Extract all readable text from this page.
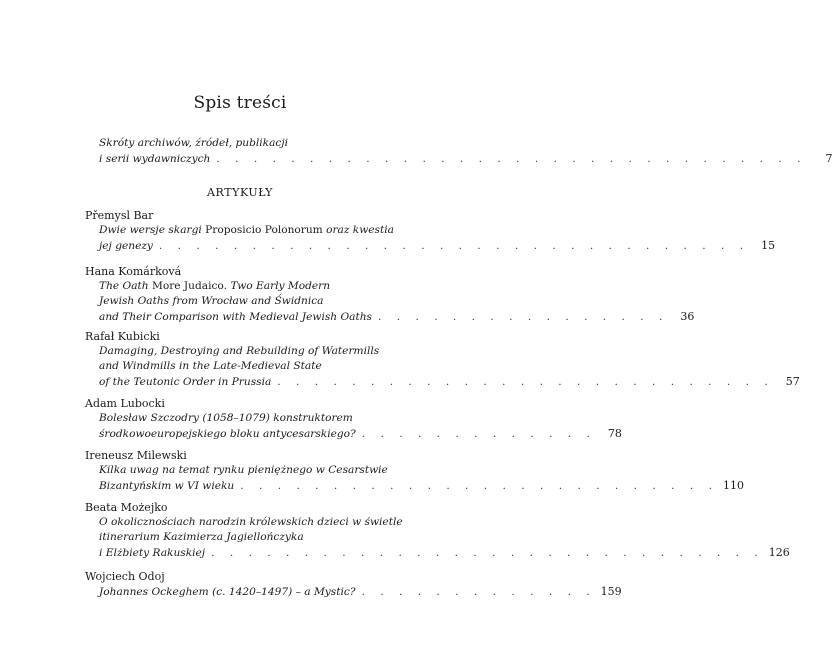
Spis treści
Skróty archiwów, źródeł, publikacji
i serii wydawniczych . . . . . . . . . . . . . . . . . . . . . . . . . . . . . . . .	7
ARTYKUŁY
Přemysl Bar
Dwie wersje skargi Proposicio Polonorum oraz kwestia
jej genezy . . . . . . . . . . . . . . . . . . . . . . . . . . . . . . . .	15
Hana Komárková
The Oath More Judaico. Two Early Modern
Jewish Oaths from Wrocław and Świdnica
and Their Comparison with Medieval Jewish Oaths . . . . . . . . . . . . . . . .	36
Rafał Kubicki
Damaging, Destroying and Rebuilding of Watermills
and Windmills in the Late-Medieval State
of the Teutonic Order in Prussia . . . . . . . . . . . . . . . . . . . . . . . . . . .	57
Adam Lubocki
Bolesław Szczodry (1058–1079) konstruktorem
środkowoeuropejskiego bloku antycesarskiego? . . . . . . . . . . . . .	78
Ireneusz Milewski
Kilka uwag na temat rynku pieniężnego w Cesarstwie
Bizantyńskim w VI wieku . . . . . . . . . . . . . . . . . . . . . . . . . . 110
Beata Możejko
O okolicznościach narodzin królewskich dzieci w świetle
itinerarium Kazimierza Jagiellończyka
i Elżbiety Rakuskiej . . . . . . . . . . . . . . . . . . . . . . . . . . . . . . 126
Wojciech Odoj
Johannes Ockeghem (c. 1420–1497) – a Mystic? . . . . . . . . . . . . . 159
